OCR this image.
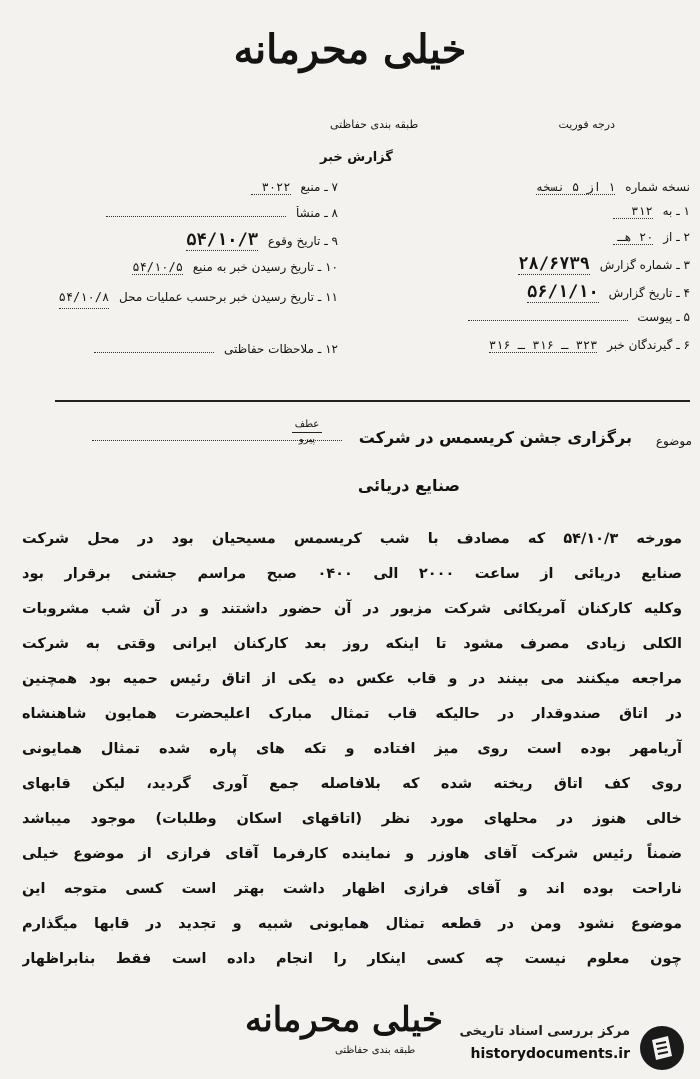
خیلی محرمانه
درجه فوریت
طبقه بندی حفاظتی
گزارش خبر
نسخه شماره ۱ از ۵ نسخه
۱ ـ به ۳۱۲
۲ ـ از ۲۰ هـ
۳ ـ شماره گزارش ۲۸/۶۷۳۹
۴ ـ تاریخ گزارش ۵۶/۱/۱۰
۵ ـ پیوست
۶ ـ گیرندگان خبر ۳۲۳ ـ ۳۱۶ ـ ۳۱۶
۷ ـ منبع ۳۰۲۲
۸ ـ منشأ
۹ ـ تاریخ وقوع ۵۴/۱۰/۳
۱۰ ـ تاریخ رسیدن خبر به منبع ۵۴/۱۰/۵
۱۱ ـ تاریخ رسیدن خبر برحسب عملیات محل ۵۴/۱۰/۸
۱۲ ـ ملاحظات حفاظتی
موضوع
برگزاری جشن کریسمس در شرکت
عطف
پیرو
صنایع دریائی
مورخه ۵۴/۱۰/۳ که مصادف با شب کریسمس مسیحیان بود در محل شرکت
صنایع دریائی از ساعت ۲۰۰۰ الی ۰۴۰۰ صبح مراسم جشنی برقرار بود
وکلیه کارکنان آمریکائی شرکت مزبور در آن حضور داشتند و در آن شب مشروبات
الکلی زیادی مصرف مشود تا اینکه روز بعد کارکنان ایرانی وقتی به شرکت
مراجعه میکنند می بینند در و قاب عکس ده یکی از اتاق رئیس حمیه بود همچنین
در اتاق صندوقدار در حالیکه قاب تمثال مبارک اعلیحضرت همایون شاهنشاه
آریامهر بوده است روی میز افتاده و تکه های پاره شده تمثال همایونی
روی کف اتاق ریخته شده که بلافاصله جمع آوری گردید، لیکن قابهای
خالی هنوز در محلهای مورد نظر (اتاقهای اسکان وطلبات) موجود میباشد
ضمناً رئیس شرکت آقای هاوزر و نماینده کارفرما آقای فرازی از موضوع خیلی
ناراحت بوده اند و آقای فرازی اظهار داشت بهتر است کسی متوجه این
موضوع نشود ومن در قطعه تمثال همایونی شبیه و تجدید در قابها میگذارم
چون معلوم نیست چه کسی اینکار را انجام داده است فقط بنابراظهار
خیلی محرمانه
طبقه بندی حفاظتی
مرکز بررسی اسناد تاریخی
historydocuments.ir
